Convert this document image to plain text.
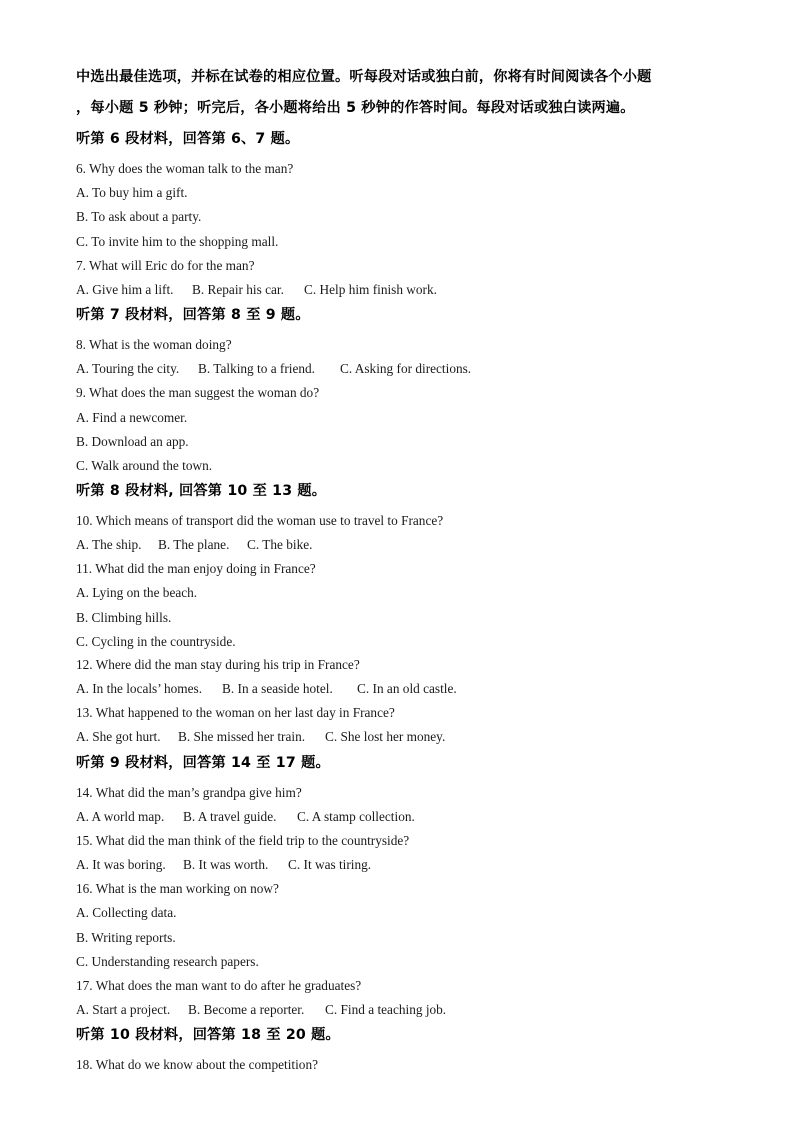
中选出最佳选项，并标在试卷的相应位置。听每段对话或独白前，你将有时间阅读各个小题
，每小题 5 秒钟；听完后，各小题将给出 5 秒钟的作答时间。每段对话或独白读两遍。
听第 6 段材料，回答第 6、7 题。
6. Why does the woman talk to the man?
A. To buy him a gift.
B. To ask about a party.
C. To invite him to the shopping mall.
7. What will Eric do for the man?
A. Give him a lift. B. Repair his car. C. Help him finish work.
听第 7 段材料，回答第 8 至 9 题。
8. What is the woman doing?
A. Touring the city. B. Talking to a friend. C. Asking for directions.
9. What does the man suggest the woman do?
A. Find a newcomer.
B. Download an app.
C. Walk around the town.
听第 8 段材料, 回答第 10 至 13 题。
10. Which means of transport did the woman use to travel to France?
A. The ship. B. The plane. C. The bike.
11. What did the man enjoy doing in France?
A. Lying on the beach.
B. Climbing hills.
C. Cycling in the countryside.
12. Where did the man stay during his trip in France?
A. In the locals’ homes. B. In a seaside hotel. C. In an old castle.
13. What happened to the woman on her last day in France?
A. She got hurt. B. She missed her train. C. She lost her money.
听第 9 段材料，回答第 14 至 17 题。
14. What did the man’s grandpa give him?
A. A world map. B. A travel guide. C. A stamp collection.
15. What did the man think of the field trip to the countryside?
A. It was boring. B. It was worth. C. It was tiring.
16. What is the man working on now?
A. Collecting data.
B. Writing reports.
C. Understanding research papers.
17. What does the man want to do after he graduates?
A. Start a project. B. Become a reporter. C. Find a teaching job.
听第 10 段材料，回答第 18 至 20 题。
18. What do we know about the competition?
